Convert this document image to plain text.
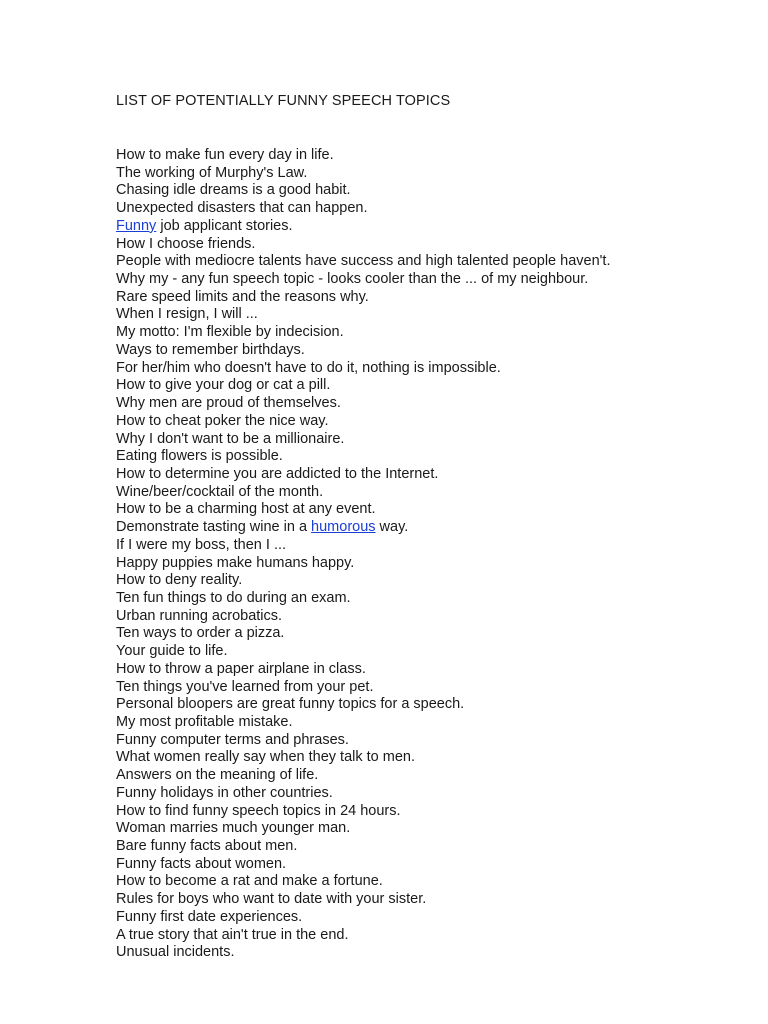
LIST OF POTENTIALLY FUNNY SPEECH TOPICS
How to make fun every day in life.
The working of Murphy's Law.
Chasing idle dreams is a good habit.
Unexpected disasters that can happen.
Funny job applicant stories.
How I choose friends.
People with mediocre talents have success and high talented people haven't.
Why my - any fun speech topic - looks cooler than the ... of my neighbour.
Rare speed limits and the reasons why.
When I resign, I will ...
My motto: I'm flexible by indecision.
Ways to remember birthdays.
For her/him who doesn't have to do it, nothing is impossible.
How to give your dog or cat a pill.
Why men are proud of themselves.
How to cheat poker the nice way.
Why I don't want to be a millionaire.
Eating flowers is possible.
How to determine you are addicted to the Internet.
Wine/beer/cocktail of the month.
How to be a charming host at any event.
Demonstrate tasting wine in a humorous way.
If I were my boss, then I ...
Happy puppies make humans happy.
How to deny reality.
Ten fun things to do during an exam.
Urban running acrobatics.
Ten ways to order a pizza.
Your guide to life.
How to throw a paper airplane in class.
Ten things you've learned from your pet.
Personal bloopers are great funny topics for a speech.
My most profitable mistake.
Funny computer terms and phrases.
What women really say when they talk to men.
Answers on the meaning of life.
Funny holidays in other countries.
How to find funny speech topics in 24 hours.
Woman marries much younger man.
Bare funny facts about men.
Funny facts about women.
How to become a rat and make a fortune.
Rules for boys who want to date with your sister.
Funny first date experiences.
A true story that ain't true in the end.
Unusual incidents.
